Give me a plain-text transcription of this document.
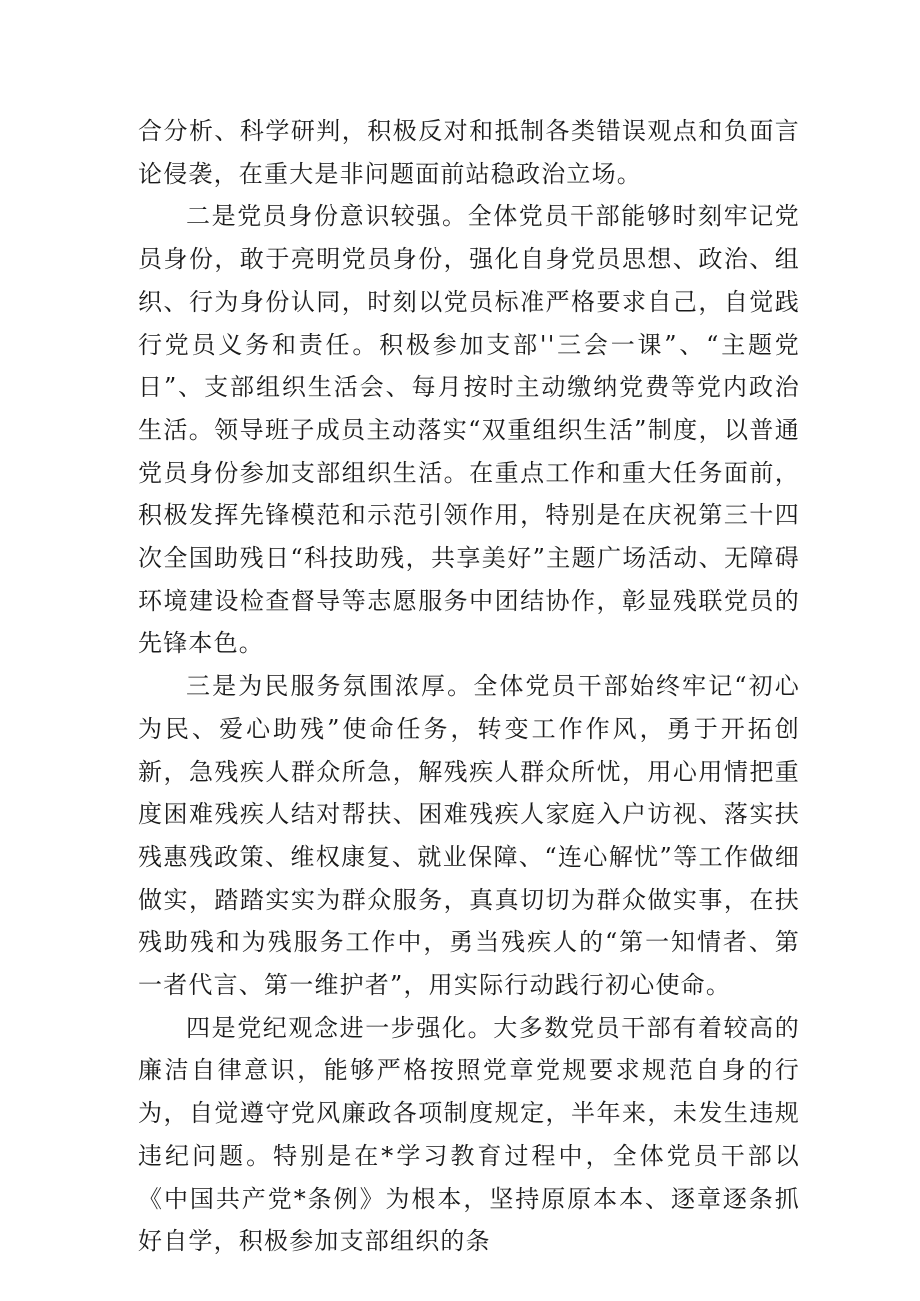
合分析、科学研判，积极反对和抵制各类错误观点和负面言论侵袭，在重大是非问题面前站稳政治立场。

二是党员身份意识较强。全体党员干部能够时刻牢记党员身份，敢于亮明党员身份，强化自身党员思想、政治、组织、行为身份认同，时刻以党员标准严格要求自己，自觉践行党员义务和责任。积极参加支部''三会一课”、“主题党日”、支部组织生活会、每月按时主动缴纳党费等党内政治生活。领导班子成员主动落实“双重组织生活”制度，以普通党员身份参加支部组织生活。在重点工作和重大任务面前，积极发挥先锋模范和示范引领作用，特别是在庆祝第三十四次全国助残日“科技助残，共享美好”主题广场活动、无障碍环境建设检查督导等志愿服务中团结协作，彰显残联党员的先锋本色。

三是为民服务氛围浓厚。全体党员干部始终牢记“初心为民、爱心助残”使命任务，转变工作作风，勇于开拓创新，急残疾人群众所急，解残疾人群众所忧，用心用情把重度困难残疾人结对帮扶、困难残疾人家庭入户访视、落实扶残惠残政策、维权康复、就业保障、“连心解忧”等工作做细做实，踏踏实实为群众服务，真真切切为群众做实事，在扶残助残和为残服务工作中，勇当残疾人的“第一知情者、第一者代言、第一维护者”，用实际行动践行初心使命。

四是党纪观念进一步强化。大多数党员干部有着较高的廉洁自律意识，能够严格按照党章党规要求规范自身的行为，自觉遵守党风廉政各项制度规定，半年来，未发生违规违纪问题。特别是在*学习教育过程中，全体党员干部以《中国共产党*条例》为根本，坚持原原本本、逐章逐条抓好自学，积极参加支部组织的条
